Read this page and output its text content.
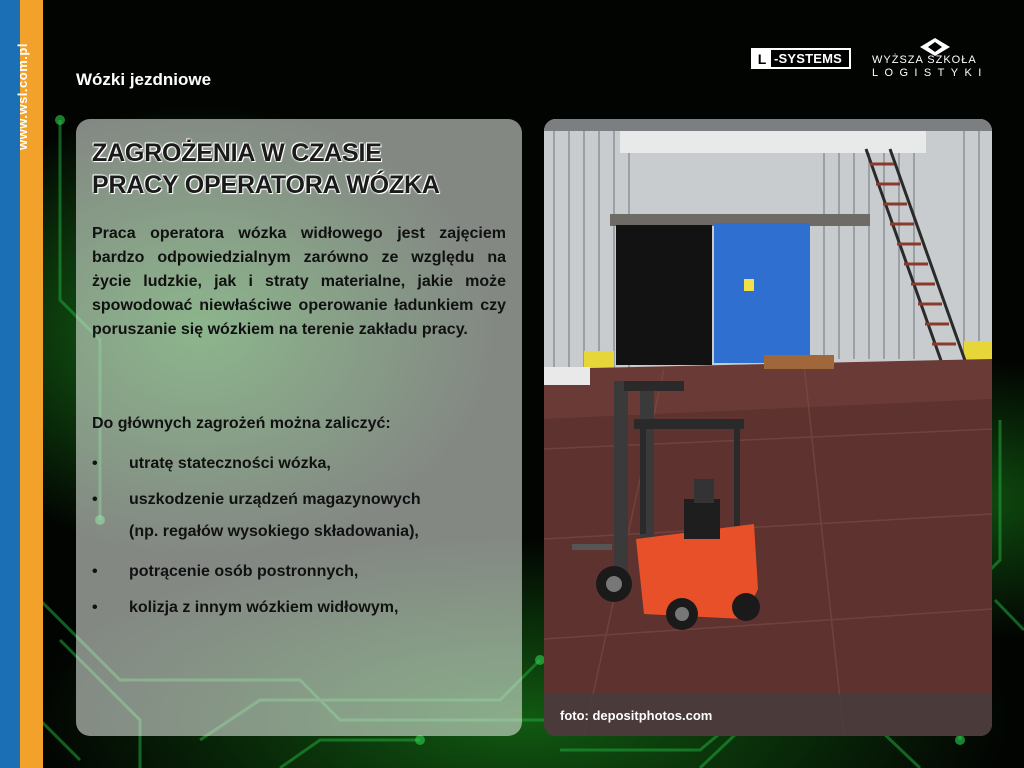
www.wsl.com.pl	Wózki jezdniowe
L -SYSTEMS	WYŻSZA SZKOŁA
LOGISTYKI
ZAGROŻENIA W CZASIE
PRACY OPERATORA WÓZKA
Praca operatora wózka widłowego jest zajęciem bardzo odpowiedzialnym zarówno ze względu na życie ludzkie, jak i straty materialne, jakie może spowodować niewłaściwe operowanie ładunkiem czy poruszanie się wózkiem na terenie zakładu pracy.
Do głównych zagrożeń można zaliczyć:
• utratę stateczności wózka,
• uszkodzenie urządzeń magazynowych
(np. regałów wysokiego składowania),
• potrącenie osób postronnych,
• kolizja z innym wózkiem widłowym,
foto: depositphotos.com
